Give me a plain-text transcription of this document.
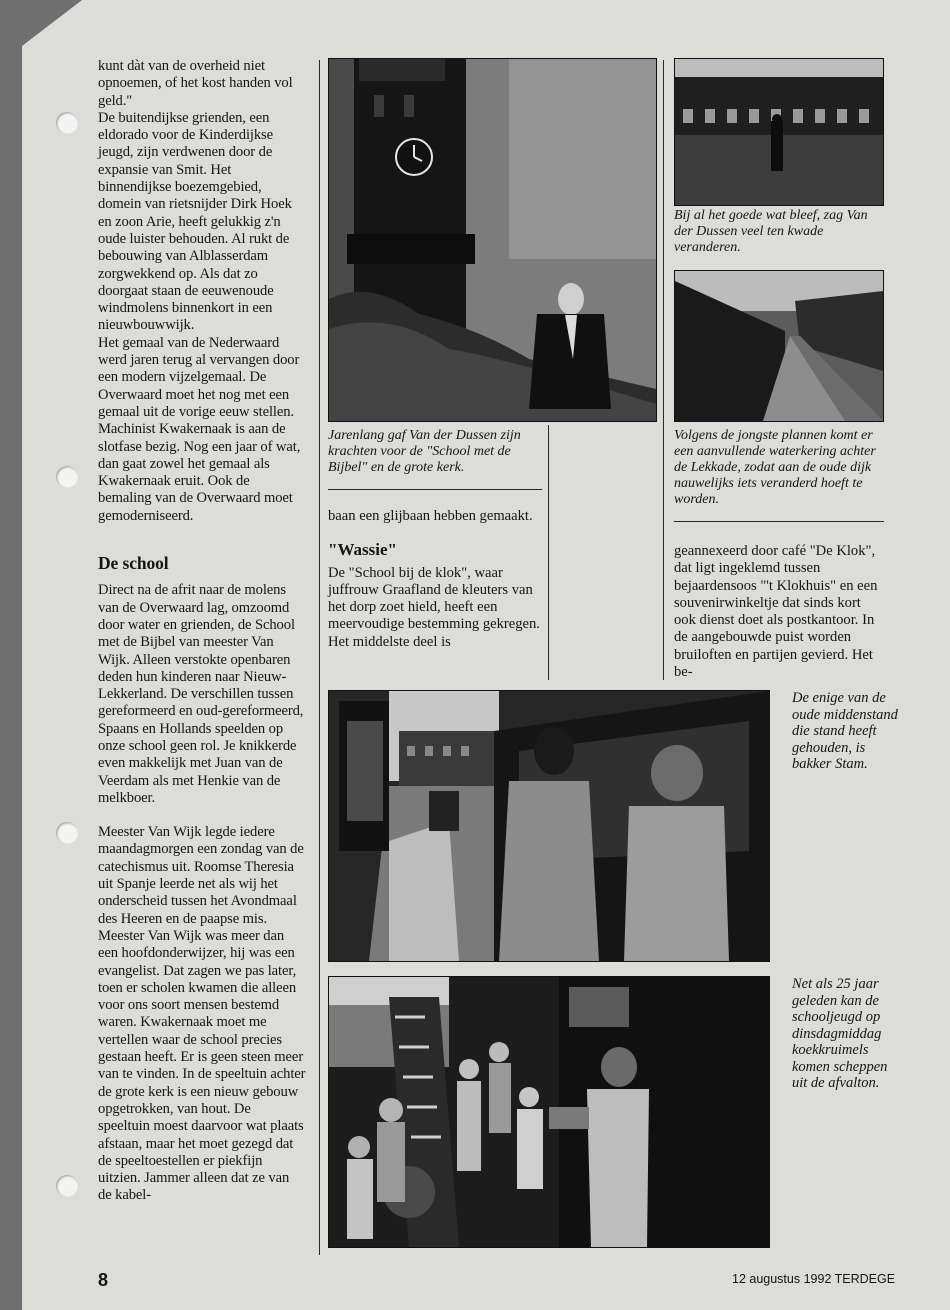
kunt dàt van de overheid niet opnoemen, of het kost handen vol geld."

De buitendijkse grienden, een eldorado voor de Kinderdijkse jeugd, zijn verdwenen door de expansie van Smit. Het binnendijkse boezemgebied, domein van rietsnijder Dirk Hoek en zoon Arie, heeft gelukkig z'n oude luister behouden. Al rukt de bebouwing van Alblasserdam zorgwekkend op. Als dat zo doorgaat staan de eeuwenoude windmolens binnenkort in een nieuwbouwwijk.

Het gemaal van de Nederwaard werd jaren terug al vervangen door een modern vijzelgemaal. De Overwaard moet het nog met een gemaal uit de vorige eeuw stellen. Machinist Kwakernaak is aan de slotfase bezig. Nog een jaar of wat, dan gaat zowel het gemaal als Kwakernaak eruit. Ook de bemaling van de Overwaard moet gemoderniseerd.

De school

Direct na de afrit naar de molens van de Overwaard lag, omzoomd door water en grienden, de School met de Bijbel van meester Van Wijk. Alleen verstokte openbaren deden hun kinderen naar Nieuw-Lekkerland. De verschillen tussen gereformeerd en oud-gereformeerd, Spaans en Hollands speelden op onze school geen rol. Je knikkerde even makkelijk met Juan van de Veerdam als met Henkie van de melkboer.

Meester Van Wijk legde iedere maandagmorgen een zondag van de catechismus uit. Roomse Theresia uit Spanje leerde net als wij het onderscheid tussen het Avondmaal des Heeren en de paapse mis. Meester Van Wijk was meer dan een hoofdonderwijzer, hij was een evangelist. Dat zagen we pas later, toen er scholen kwamen die alleen voor ons soort mensen bestemd waren. Kwakernaak moet me vertellen waar de school precies gestaan heeft. Er is geen steen meer van te vinden. In de speeltuin achter de grote kerk is een nieuw gebouw opgetrokken, van hout. De speeltuin moest daarvoor wat plaats afstaan, maar het moet gezegd dat de speeltoestellen er piekfijn uitzien. Jammer alleen dat ze van de kabel-

Jarenlang gaf Van der Dussen zijn krachten voor de "School met de Bijbel" en de grote kerk.

baan een glijbaan hebben gemaakt.

"Wassie"

De "School bij de klok", waar juffrouw Graafland de kleuters van het dorp zoet hield, heeft een meervoudige bestemming gekregen. Het middelste deel is

Bij al het goede wat bleef, zag Van der Dussen veel ten kwade veranderen.
Volgens de jongste plannen komt er een aanvullende waterkering achter de Lekkade, zodat aan de oude dijk nauwelijks iets veranderd hoeft te worden.

geannexeerd door café "De Klok", dat ligt ingeklemd tussen bejaardensoos "'t Klokhuis" en een souvenirwinkeltje dat sinds kort ook dienst doet als postkantoor. In de aangebouwde puist worden bruiloften en partijen gevierd. Het be-

De enige van de oude middenstand die stand heeft gehouden, is bakker Stam.
Net als 25 jaar geleden kan de schooljeugd op dinsdagmiddag koekkruimels komen scheppen uit de afvalton.
8	12 augustus 1992 TERDEGE
